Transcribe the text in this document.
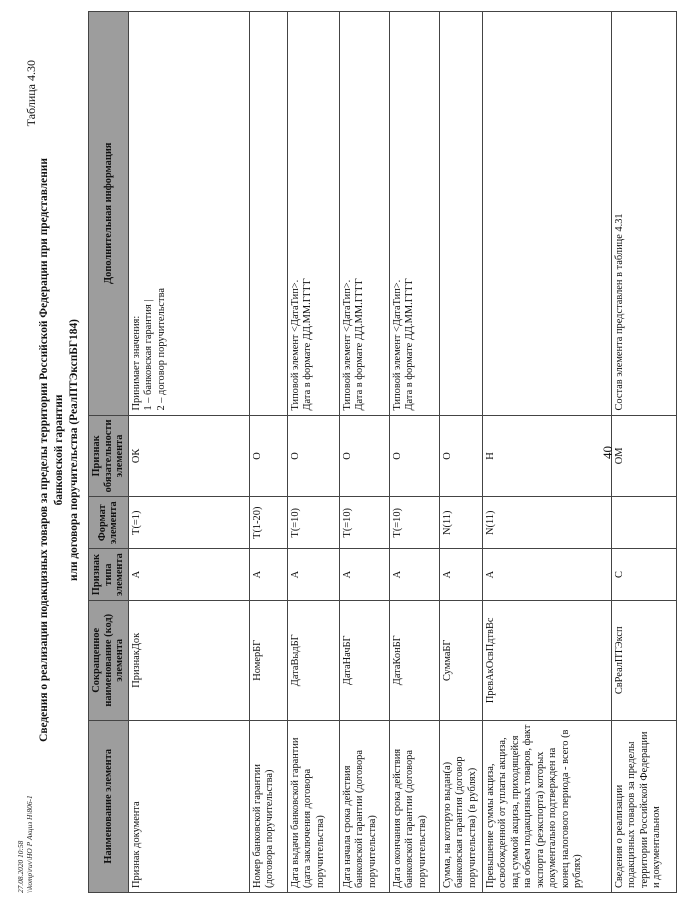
Таблица 4.30
Сведения о реализации подакцизных товаров за пределы территории Российской Федерации при представлении банковской гарантии или договора поручительства (РеалПТЭкспБГ184)
Наименование элемента	Сокращенное наименование (код) элемента	Признак типа элемента	Формат элемента	Признак обязательности элемента	Дополнительная информация
Признак документа	ПризнакДок	А	Т(=1)	ОК	Принимает значения: 1 – банковская гарантия | 2 – договор поручительства

Номер банковской гарантии (договора поручительства)	НомерБГ	А	Т(1-20)	О	
Дата выдачи банковской гарантии (дата заключения договора поручительства)	ДатаВыдБГ	А	Т(=10)	О	Типовой элемент <ДатаТип>. Дата в формате ДД.ММ.ГГГГ

Дата начала срока действия банковской гарантии (договора поручительства)	ДатаНачБГ	А	Т(=10)	О	Типовой элемент <ДатаТип>. Дата в формате ДД.ММ.ГГГГ

Дата окончания срока действия банковской гарантии (договора поручительства)	ДатаКонБГ	А	Т(=10)	О	Типовой элемент <ДатаТип>. Дата в формате ДД.ММ.ГГГГ

Сумма, на которую выдан(а) банковская гарантия (договор поручительства) (в рублях)	СуммаБГ	А	N(11)	О	
Превышение суммы акциза, освобожденной от уплаты акциза, над суммой акциза, приходящейся на объем подакцизных товаров, факт экспорта (реэкспорта) которых документально подтвержден на конец налогового периода - всего (в рублях)	ПревАкОсвПдтвВс	А	N(11)	Н	
Сведения о реализации подакцизных товаров за пределы территории Российской Федерации и документальном	СвРеалПТЭксп	С		ОМ	Состав элемента представлен в таблице 4.31
27.08.2020 10:58 \\komp\ruv\НО Р Акциз Н\806-1
40
